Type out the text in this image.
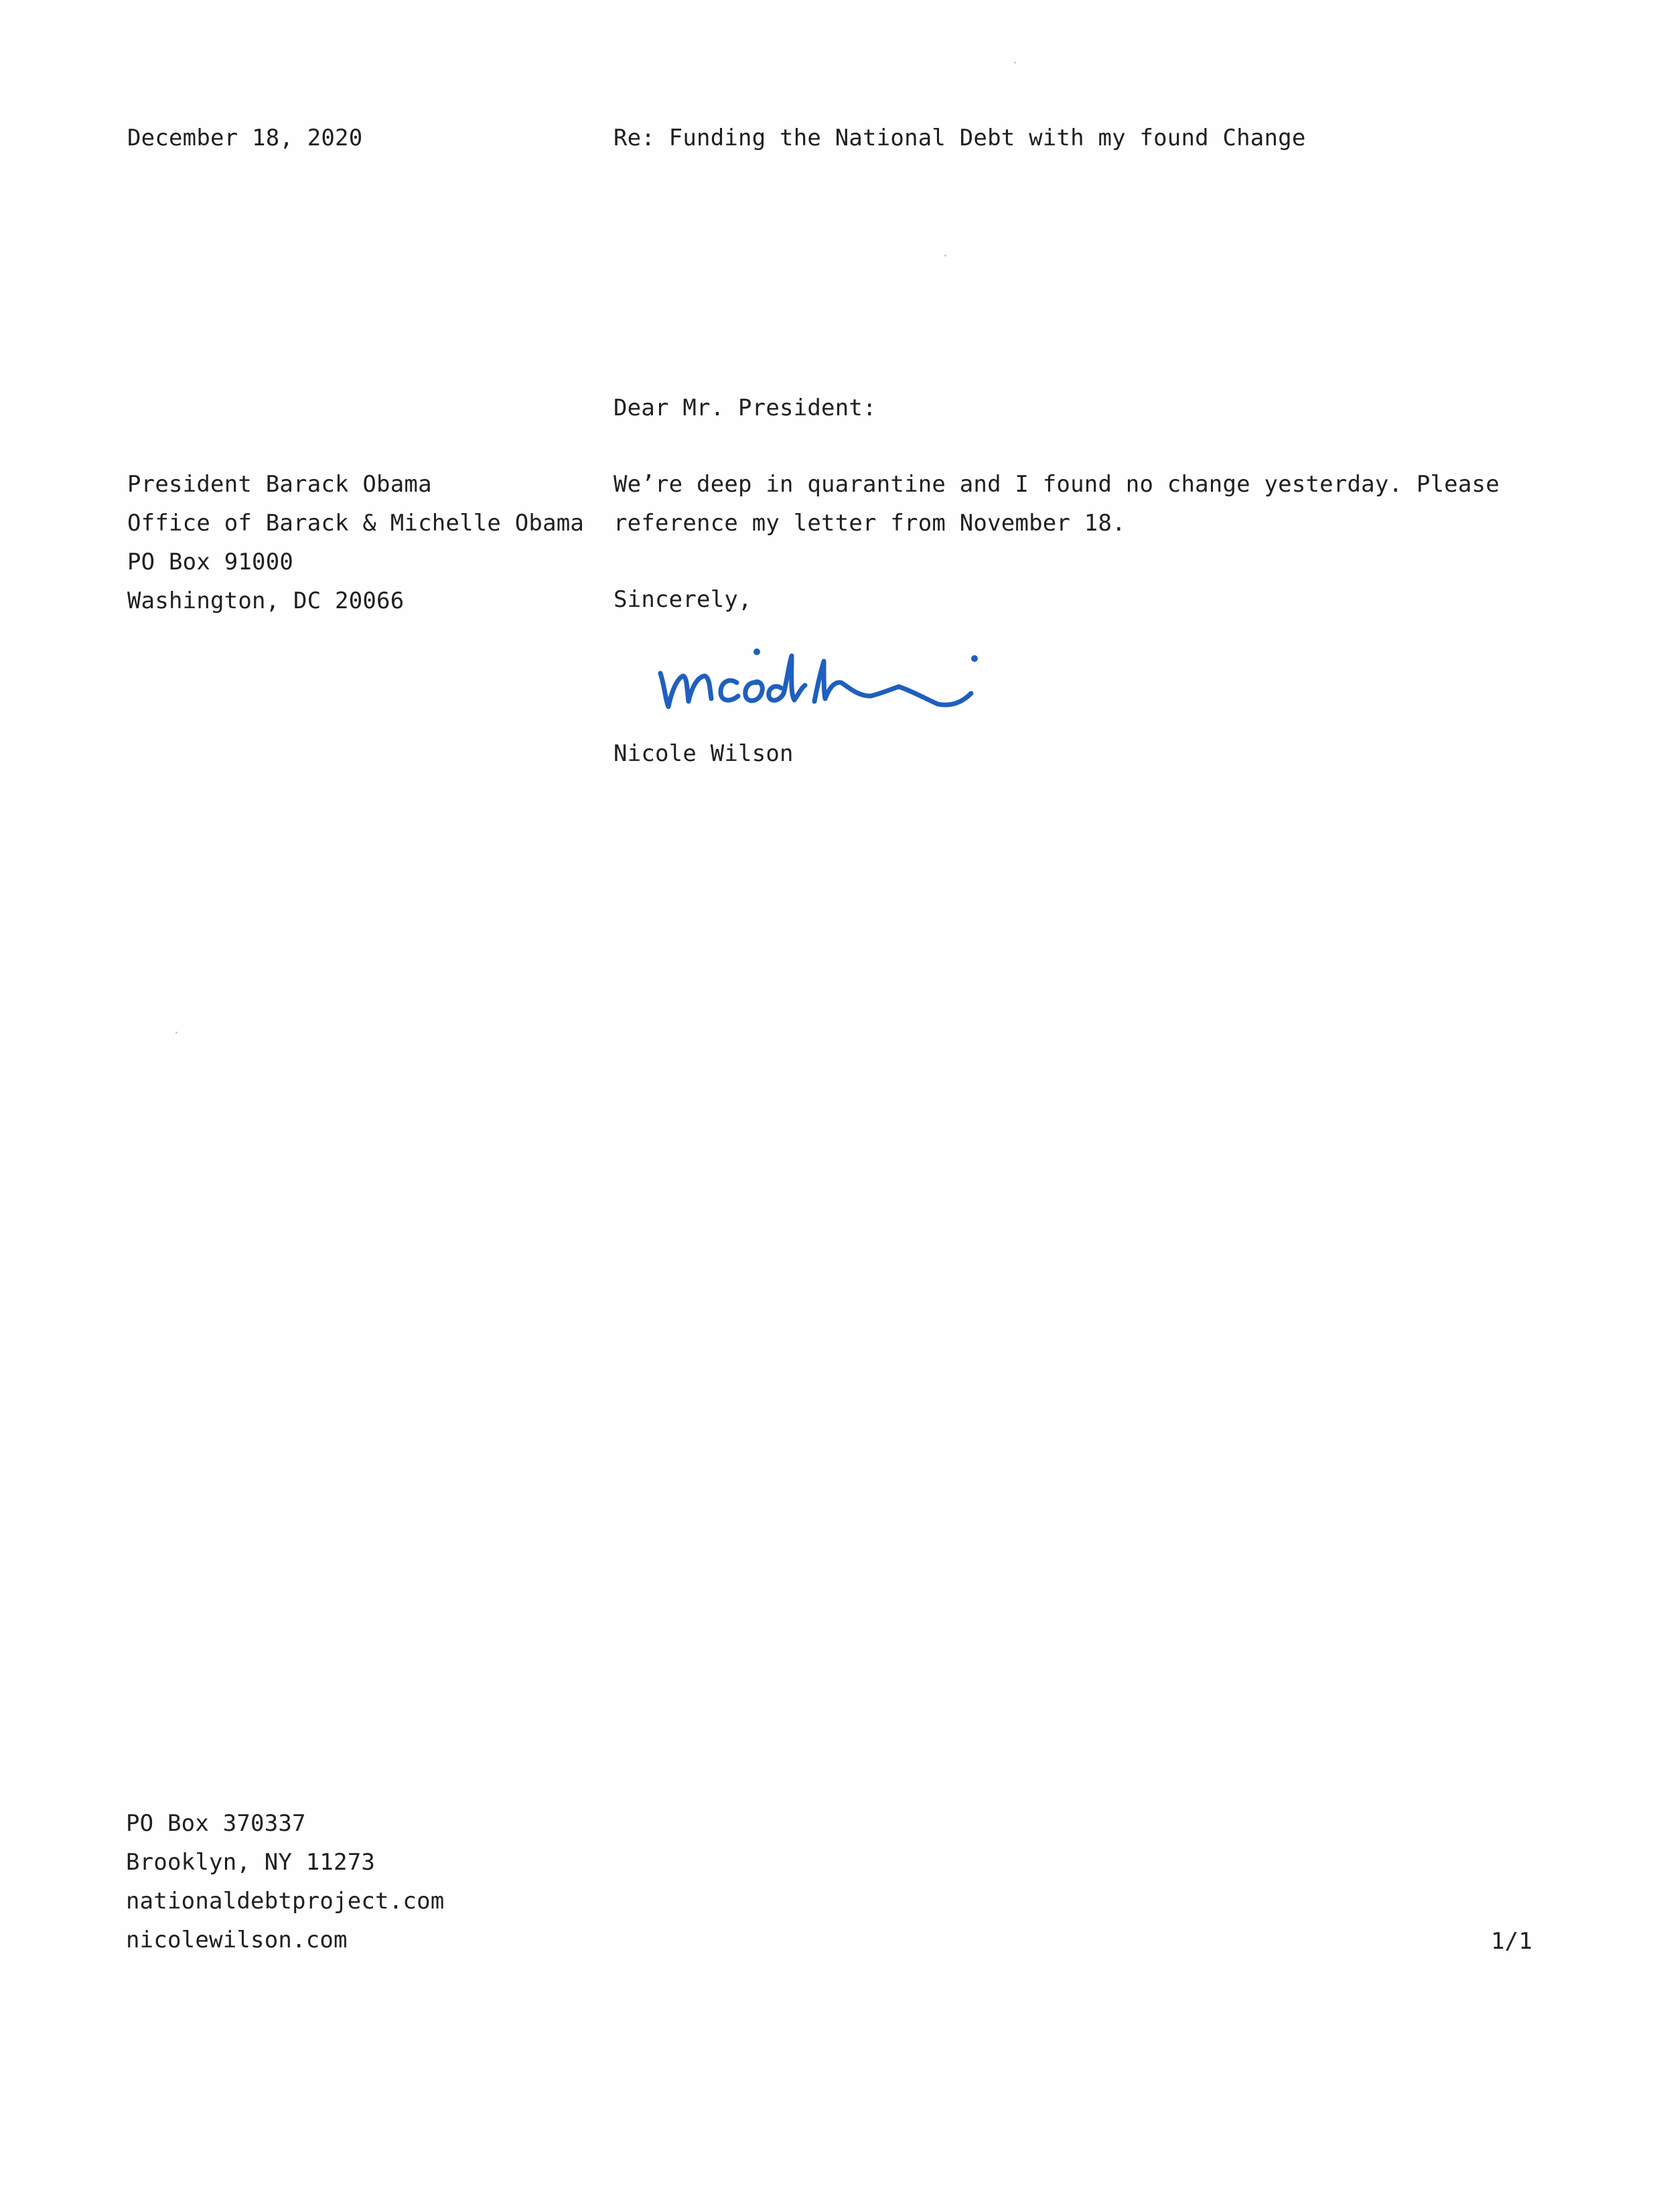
December 18, 2020	Re: Funding the National Debt with my found Change
Dear Mr. President:
President Barack Obama
Office of Barack & Michelle Obama
PO Box 91000
Washington, DC 20066
We’re deep in quarantine and I found no change yesterday. Please
reference my letter from November 18.
Sincerely,
Nicole Wilson
PO Box 370337
Brooklyn, NY 11273
nationaldebtproject.com
nicolewilson.com	1/1
